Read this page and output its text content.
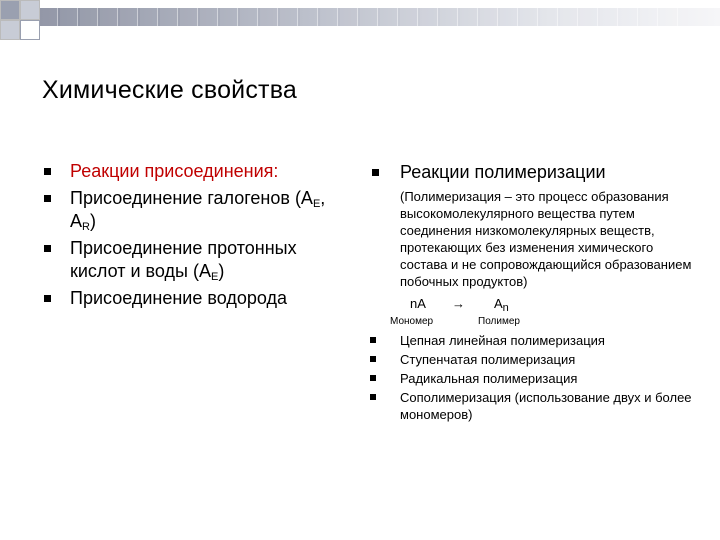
Химические свойства
Реакции присоединения:
Присоединение галогенов ($A_E$, $A_R$)
Присоединение протонных кислот и воды $(A_E)$
Присоединение водорода
Реакции полимеризации
(Полимеризация – это процесс образования высокомолекулярного вещества путем соединения низкомолекулярных веществ, протекающих без изменения химического состава и не сопровождающийся образованием побочных продуктов)
nA → $A_n$
Мономер	Полимер
Цепная линейная полимеризация
Ступенчатая полимеризация
Радикальная полимеризация
Сополимеризация (использование двух и более мономеров)
